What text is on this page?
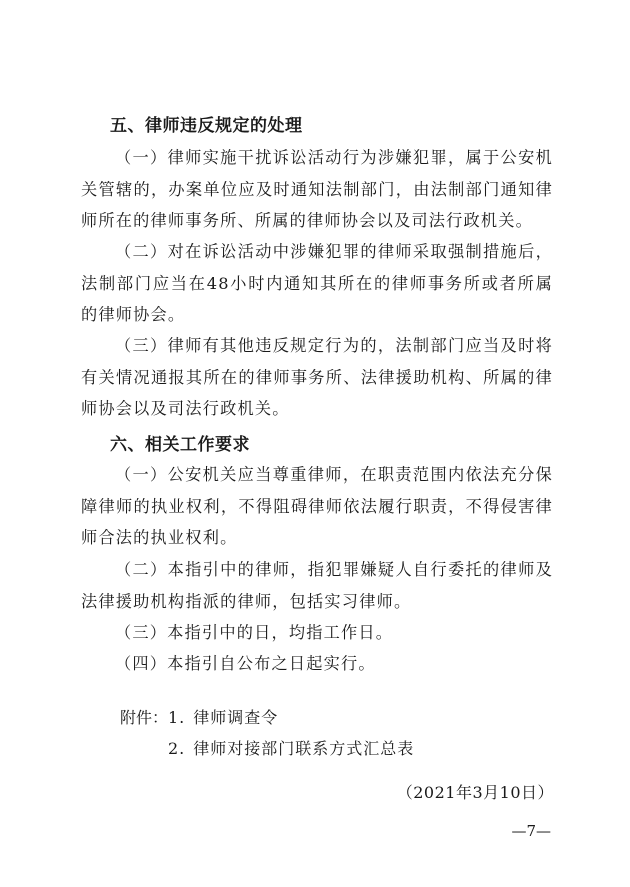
五、律师违反规定的处理

（一）律师实施干扰诉讼活动行为涉嫌犯罪，属于公安机关管辖的，办案单位应及时通知法制部门，由法制部门通知律师所在的律师事务所、所属的律师协会以及司法行政机关。

（二）对在诉讼活动中涉嫌犯罪的律师采取强制措施后，法制部门应当在48小时内通知其所在的律师事务所或者所属的律师协会。

（三）律师有其他违反规定行为的，法制部门应当及时将有关情况通报其所在的律师事务所、法律援助机构、所属的律师协会以及司法行政机关。

六、相关工作要求

（一）公安机关应当尊重律师，在职责范围内依法充分保障律师的执业权利，不得阻碍律师依法履行职责，不得侵害律师合法的执业权利。

（二）本指引中的律师，指犯罪嫌疑人自行委托的律师及法律援助机构指派的律师，包括实习律师。

（三）本指引中的日，均指工作日。

（四）本指引自公布之日起实行。

附件： 1. 律师调查令
2. 律师对接部门联系方式汇总表
（2021年3月10日）
—7—
